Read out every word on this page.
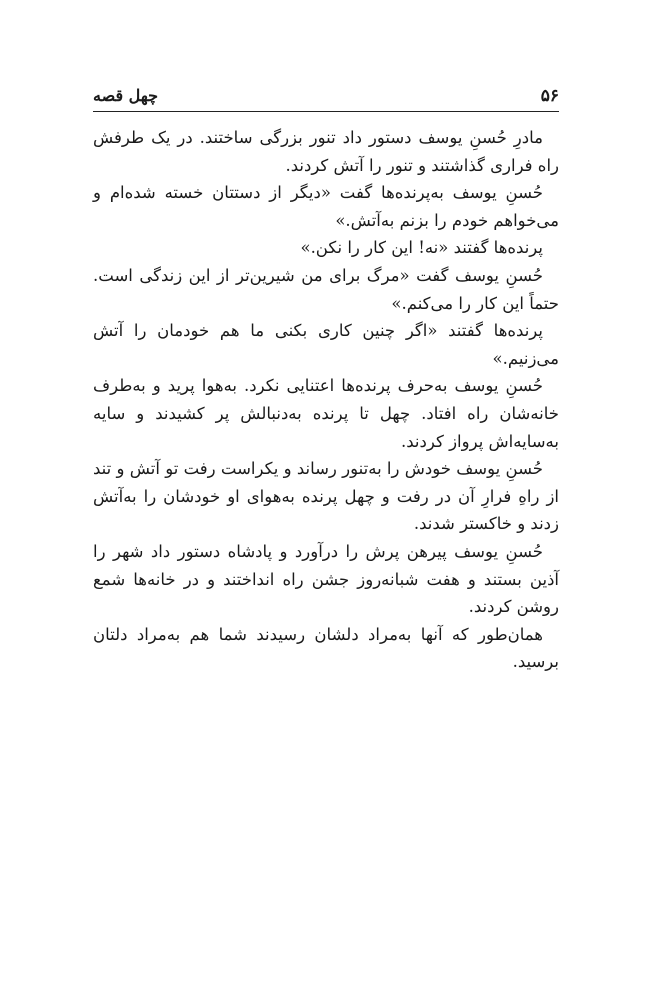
۵۶
چهل قصه

مادرِ حُسنِ یوسف دستور داد تنور بزرگی ساختند. در یک طرفش راه فراری گذاشتند و تنور را آتش کردند.

حُسنِ یوسف به‌پرنده‌ها گفت «دیگر از دستتان خسته شده‌ام و می‌خواهم خودم را بزنم به‌آتش.»

پرنده‌ها گفتند «نه! این کار را نکن.»

حُسنِ یوسف گفت «مرگ برای من شیرین‌تر از این زندگی است. حتماً این کار را می‌کنم.»

پرنده‌ها گفتند «اگر چنین کاری بکنی ما هم خودمان را آتش می‌زنیم.»

حُسنِ یوسف به‌حرف پرنده‌ها اعتنایی نکرد. به‌هوا پرید و به‌طرف خانه‌شان راه افتاد. چهل تا پرنده به‌دنبالش پر کشیدند و سایه به‌سایه‌اش پرواز کردند.

حُسنِ یوسف خودش را به‌تنور رساند و یکراست رفت تو آتش و تند از راهِ فرارِ آن در رفت و چهل پرنده به‌هوای او خودشان را به‌آتش زدند و خاکستر شدند.

حُسنِ یوسف پیرهن پرش را درآورد و پادشاه دستور داد شهر را آذین بستند و هفت شبانه‌روز جشن راه انداختند و در خانه‌ها شمع روشن کردند.

همان‌طور که آنها به‌مراد دلشان رسیدند شما هم به‌مراد دلتان برسید.
